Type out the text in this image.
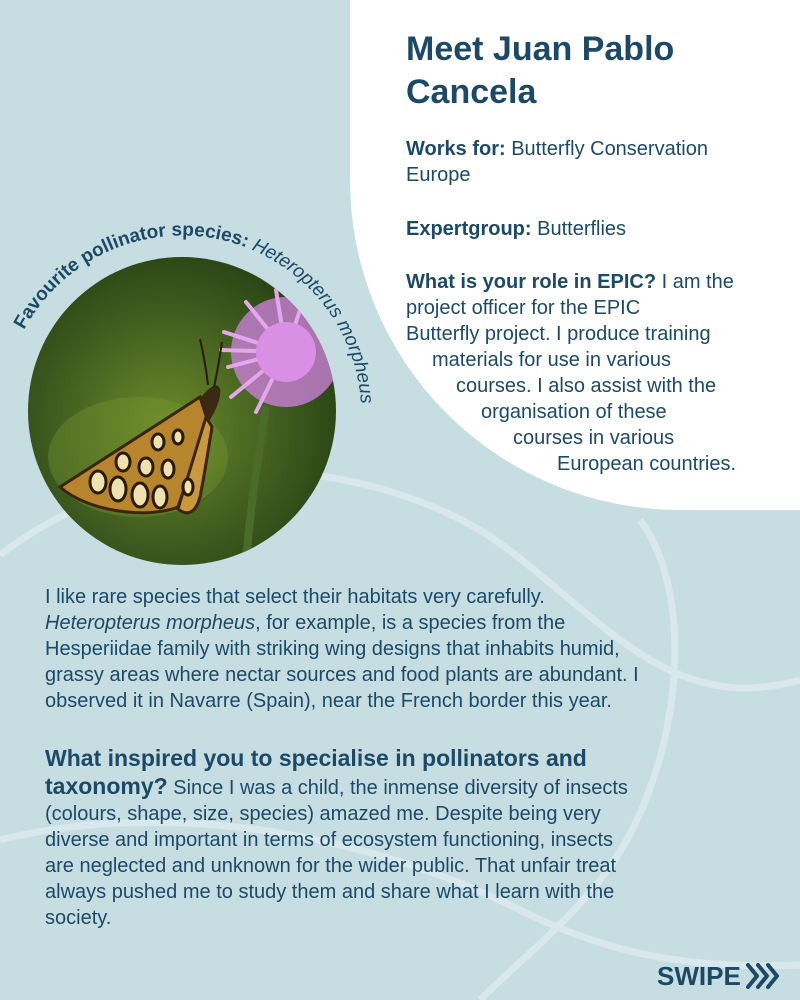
Meet Juan Pablo
Cancela
Works for: Butterfly Conservation
Europe
Expertgroup: Butterflies
What is your role in EPIC? I am the
project officer for the EPIC
Butterfly project. I produce training
materials for use in various
courses. I also assist with the
organisation of these
courses in various
European countries.
Favourite pollinator species: Heteropterus morpheus
I like rare species that select their habitats very carefully.
Heteropterus morpheus, for example, is a species from the
Hesperiidae family with striking wing designs that inhabits humid,
grassy areas where nectar sources and food plants are abundant. I
observed it in Navarre (Spain), near the French border this year.
What inspired you to specialise in pollinators and
taxonomy? Since I was a child, the inmense diversity of insects
(colours, shape, size, species) amazed me. Despite being very
diverse and important in terms of ecosystem functioning, insects
are neglected and unknown for the wider public. That unfair treat
always pushed me to study them and share what I learn with the
society.
SWIPE
